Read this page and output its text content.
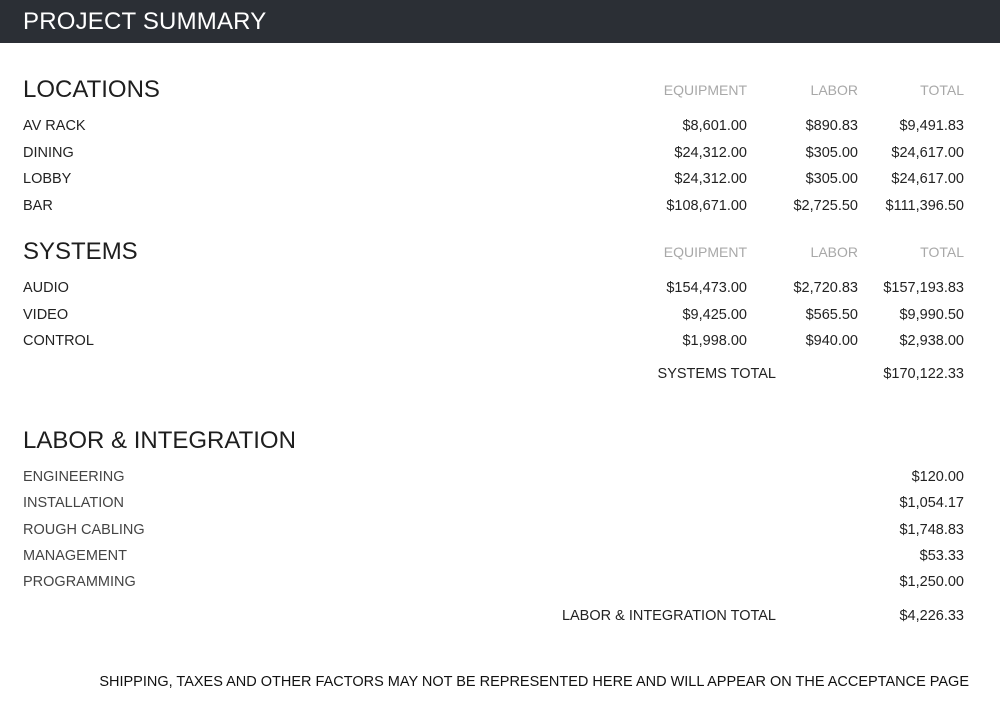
PROJECT SUMMARY
LOCATIONS	EQUIPMENT	LABOR	TOTAL
AV RACK	$8,601.00	$890.83	$9,491.83
DINING	$24,312.00	$305.00	$24,617.00
LOBBY	$24,312.00	$305.00	$24,617.00
BAR	$108,671.00	$2,725.50	$111,396.50
SYSTEMS	EQUIPMENT	LABOR	TOTAL
AUDIO	$154,473.00	$2,720.83	$157,193.83
VIDEO	$9,425.00	$565.50	$9,990.50
CONTROL	$1,998.00	$940.00	$2,938.00
SYSTEMS TOTAL	$170,122.33
LABOR & INTEGRATION
ENGINEERING	$120.00
INSTALLATION	$1,054.17
ROUGH CABLING	$1,748.83
MANAGEMENT	$53.33
PROGRAMMING	$1,250.00
LABOR & INTEGRATION TOTAL	$4,226.33
SHIPPING, TAXES AND OTHER FACTORS MAY NOT BE REPRESENTED HERE AND WILL APPEAR ON THE ACCEPTANCE PAGE
